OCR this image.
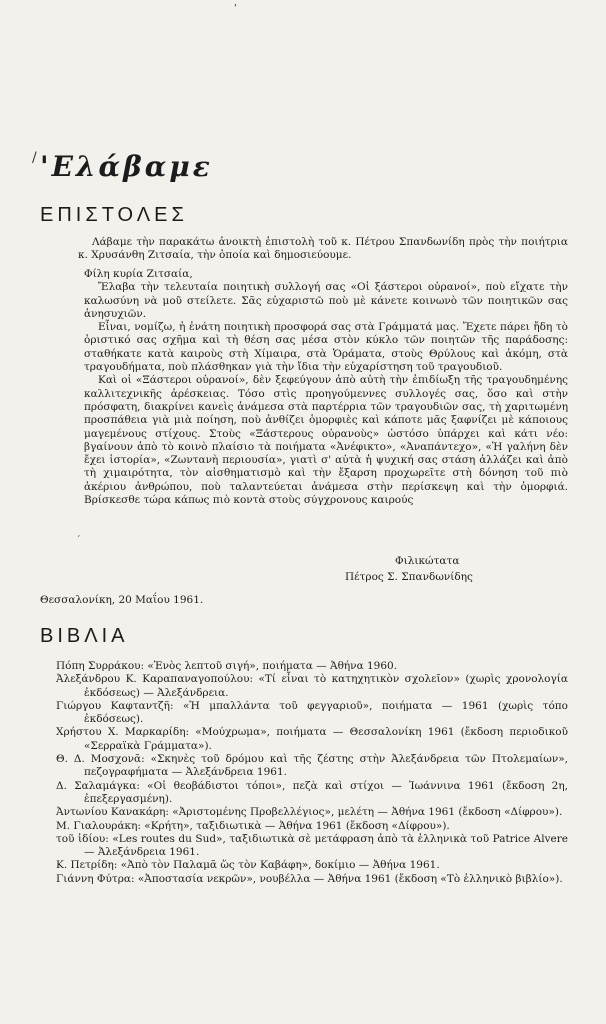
ʹ
/
´
'Ελάβαμε
ΕΠΙΣΤΟΛΕΣ

Λάβαμε τὴν παρακάτω ἀνοικτὴ ἐπιστολὴ τοῦ κ. Πέτρου Σπανδωνίδη πρὸς τὴν ποιήτρια κ. Χρυσάνθη Ζιτσαία, τὴν ὁποία καὶ δημοσιεύουμε.

Φίλη κυρία Ζιτσαία,

Ἔλαβα τὴν τελευταία ποιητικὴ συλλογή σας «Οἱ ξάστεροι οὐρανοί», ποὺ εἴχατε τὴν καλωσύνη νὰ μοῦ στείλετε. Σᾶς εὐχαριστῶ ποὺ μὲ κάνετε κοινωνὸ τῶν ποιητικῶν σας ἀνησυχιῶν.

Εἶναι, νομίζω, ἡ ἐνάτη ποιητικὴ προσφορά σας στὰ Γράμματά μας. Ἔχετε πάρει ἤδη τὸ ὁριστικό σας σχῆμα καὶ τὴ θέση σας μέσα στὸν κύκλο τῶν ποιητῶν τῆς παράδοσης: σταθήκατε κατὰ καιροὺς στὴ Χίμαιρα, στὰ Ὁράματα, στοὺς Θρύλους καὶ ἀκόμη, στὰ τραγουδήματα, ποὺ πλάσθηκαν γιὰ τὴν ἴδια τὴν εὐχαρίστηση τοῦ τραγουδιοῦ.

Καὶ οἱ «Ξάστεροι οὐρανοί», δὲν ξεφεύγουν ἀπὸ αὐτὴ τὴν ἐπιδίωξη τῆς τραγουδημένης καλλιτεχνικῆς ἀρέσκειας. Τόσο στὶς προηγούμεννες συλλογές σας, ὅσο καὶ στὴν πρόσφατη, διακρίνει κανεὶς ἀνάμεσα στὰ παρτέρρια τῶν τραγουδιῶν σας, τὴ χαριτωμένη προσπάθεια γιὰ μιὰ ποίηση, ποὺ ἀνθίζει ὁμορφιὲς καὶ κάποτε μᾶς ξαφνίζει μὲ κάποιους μαγεμένους στίχους. Στοὺς «Ξάστερους οὐρανοὺς» ὡστόσο ὑπάρχει καὶ κάτι νέο: βγαίνουν ἀπὸ τὸ κοινὸ πλαίσιο τὰ ποιήματα «Ἀνέφικτο», «Ἀναπάντεχο», «Ἡ γαλήνη δὲν ἔχει ἱστορία», «Ζωντανὴ περιουσία», γιατὶ σ' αὐτὰ ἡ ψυχική σας στάση ἀλλάζει καὶ ἀπὸ τὴ χιμαιρότητα, τὸν αἰσθηματισμὸ καὶ τὴν ἔξαρση προχωρεῖτε στὴ δόνηση τοῦ πιὸ ἀκέριου ἀνθρώπου, ποὺ ταλαντεύεται ἀνάμεσα στὴν περίσκεψη καὶ τὴν ὁμορφιά. Βρίσκεσθε τώρα κάπως πιὸ κοντὰ στοὺς σύγχρονους καιρούς

Φιλικώτατα

Πέτρος Σ. Σπανδωνίδης

Θεσσαλονίκη, 20 Μαΐου 1961.

ΒΙΒΛΙΑ

Πόπη Συρράκου: «Ἑνὸς λεπτοῦ σιγή», ποιήματα — Ἀθήνα 1960.

Ἀλεξάνδρου Κ. Καραπαναγοπούλου: «Τί εἶναι τὸ κατηχητικὸν σχολεῖον» (χωρὶς χρονολογία ἐκδόσεως) — Ἀλεξάνδρεια.

Γιώργου Καφταντζῆ: «Ἡ μπαλλάντα τοῦ φεγγαριοῦ», ποιήματα — 1961 (χωρὶς τόπο ἐκδόσεως).

Χρήστου Χ. Μαρκαρίδη: «Μούχρωμα», ποιήματα — Θεσσαλονίκη 1961 (ἔκδοση περιοδικοῦ «Σερραϊκὰ Γράμματα»).

Θ. Δ. Μοσχονᾶ: «Σκηνὲς τοῦ δρόμου καὶ τῆς ζέστης στὴν Ἀλεξάνδρεια τῶν Πτολεμαίων», πεζογραφήματα — Ἀλεξάνδρεια 1961.

Δ. Σαλαμάγκα: «Οἱ θεοβάδιστοι τόποι», πεζὰ καὶ στίχοι — Ἰωάννινα 1961 (ἔκδοση 2η, ἐπεξεργασμένη).

Ἀντωνίου Κανακάρη: «Ἀριστομένης Προβελλέγιος», μελέτη — Ἀθήνα 1961 (ἔκδοση «Δίφρου»).

Μ. Γιαλουράκη: «Κρήτη», ταξιδιωτικὰ — Ἀθήνα 1961 (ἔκδοση «Δίφρου»).

τοῦ ἰδίου: «Les routes du Sud», ταξιδιωτικὰ σὲ μετάφραση ἀπὸ τὰ ἑλληνικὰ τοῦ Patrice Alvere — Ἀλεξάνδρεια 1961.

Κ. Πετρίδη: «Ἀπὸ τὸν Παλαμᾶ ὥς τὸν Καβάφη», δοκίμιο — Ἀθήνα 1961.

Γιάννη Φύτρα: «Ἀποστασία νεκρῶν», νουβέλλα — Ἀθήνα 1961 (ἔκδοση «Τὸ ἑλληνικὸ βιβλίο»).
